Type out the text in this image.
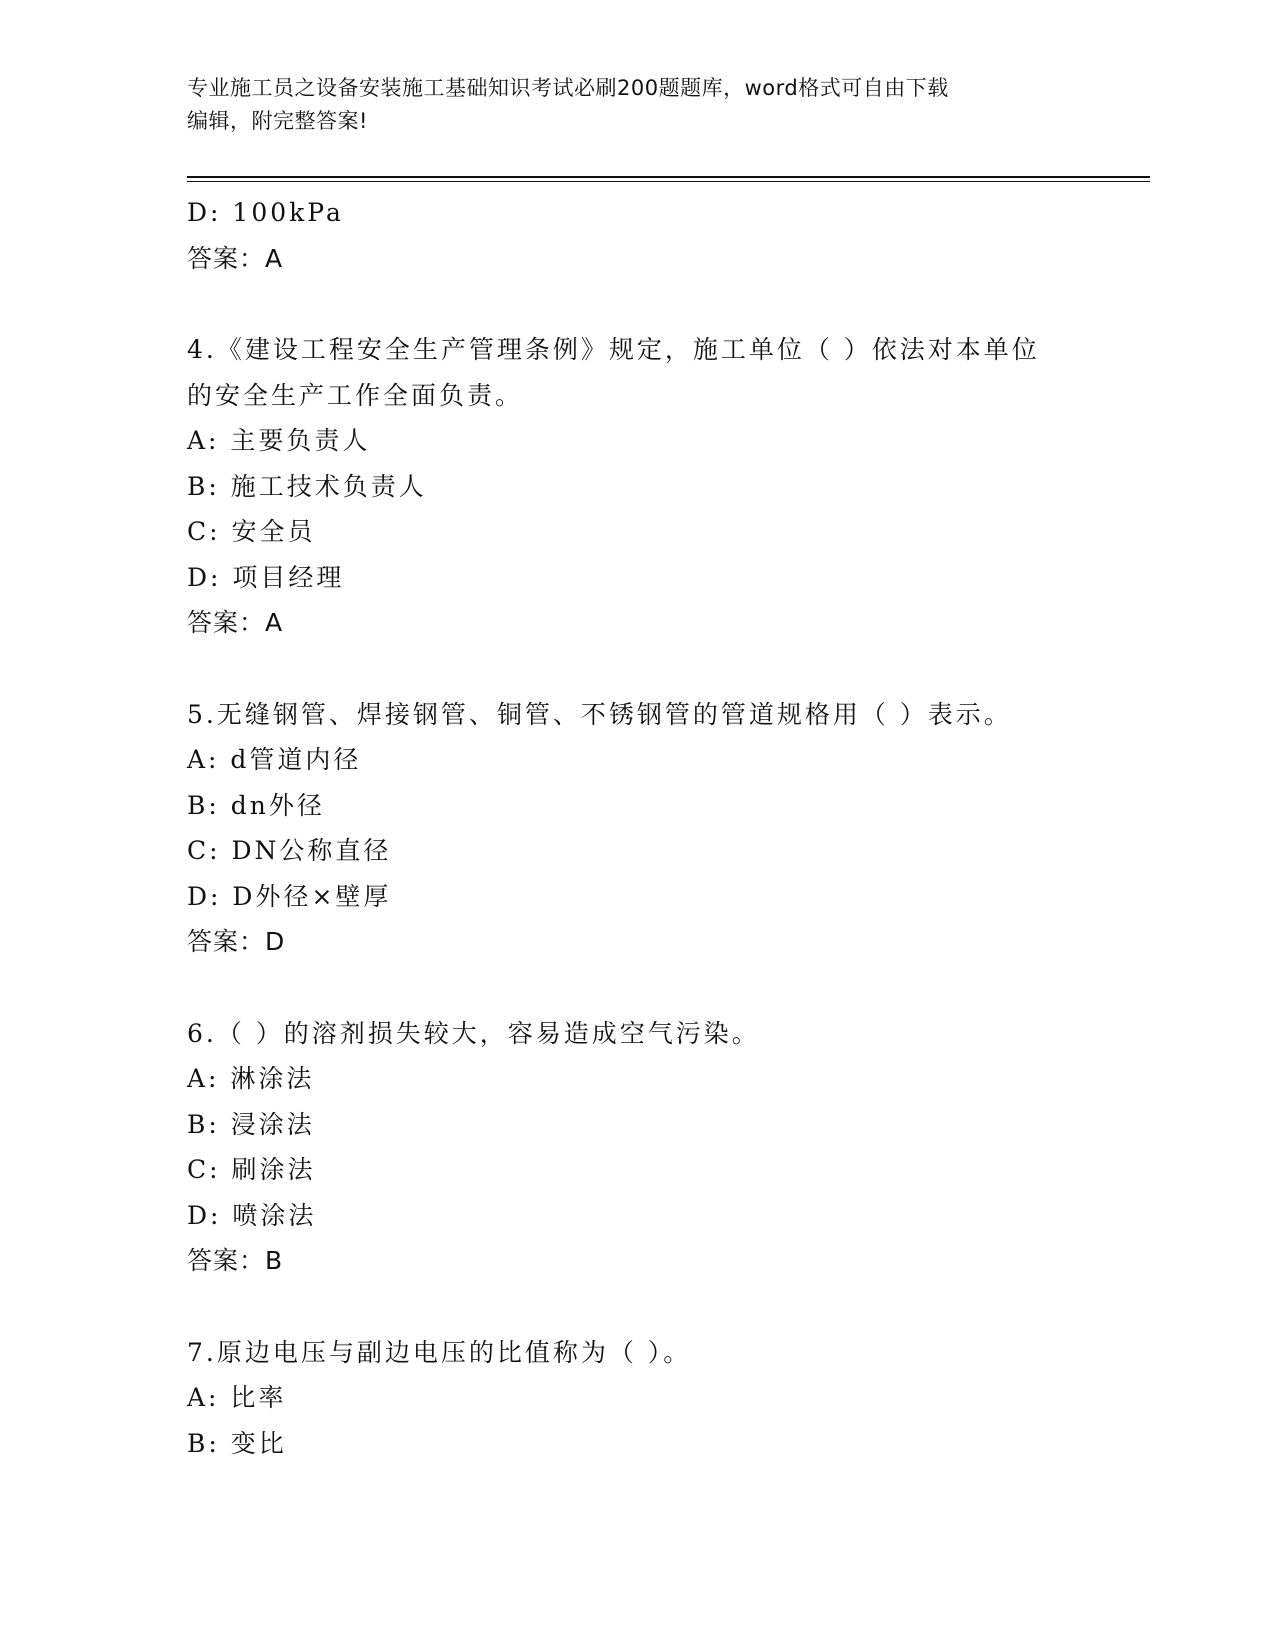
专业施工员之设备安装施工基础知识考试必刷200题题库，word格式可自由下载
编辑，附完整答案!
D: 100kPa
答案：A
4.《建设工程安全生产管理条例》规定，施工单位（ ）依法对本单位
的安全生产工作全面负责。
A: 主要负责人
B: 施工技术负责人
C: 安全员
D: 项目经理
答案：A
5.无缝钢管、焊接钢管、铜管、不锈钢管的管道规格用（ ）表示。
A: d管道内径
B: dn外径
C: DN公称直径
D: D外径×壁厚
答案：D
6.（ ）的溶剂损失较大，容易造成空气污染。
A: 淋涂法
B: 浸涂法
C: 刷涂法
D: 喷涂法
答案：B
7.原边电压与副边电压的比值称为（ ）。
A: 比率
B: 变比
